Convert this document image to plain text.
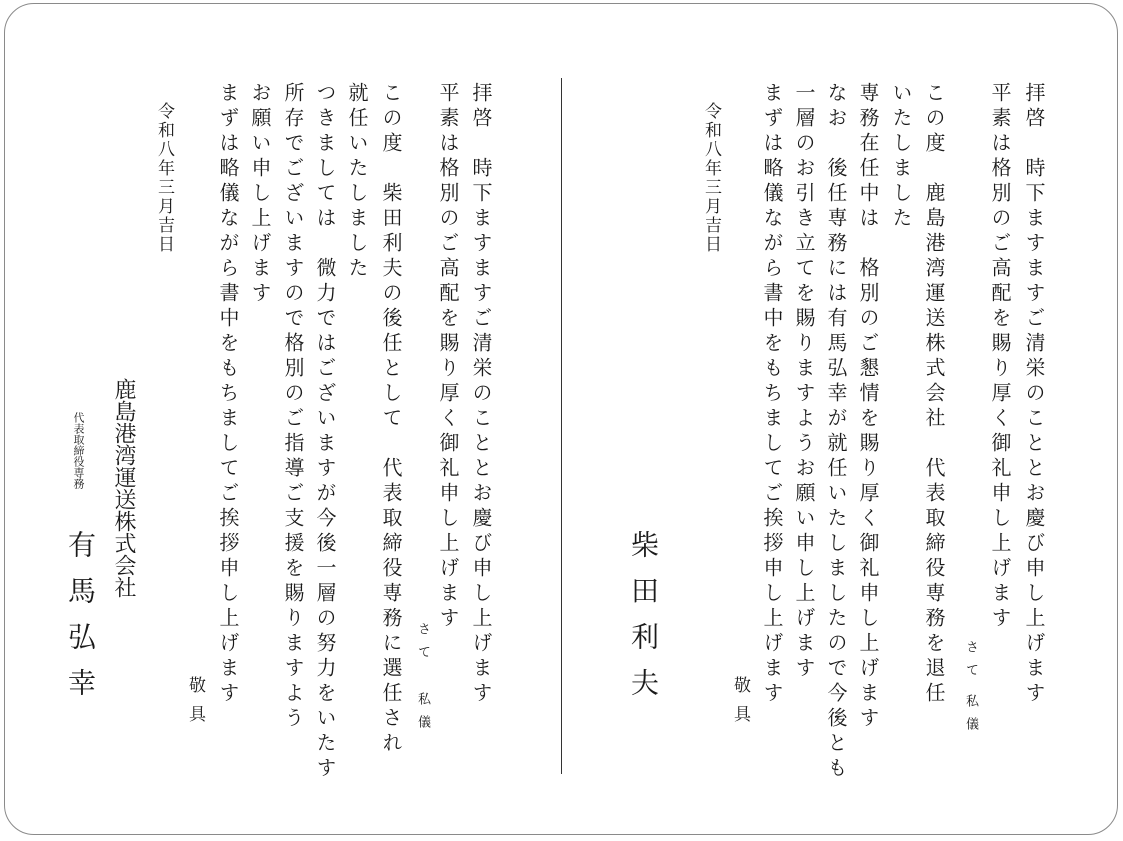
拝啓　時下ますますご清栄のこととお慶び申し上げます
平素は格別のご高配を賜り厚く御礼申し上げます
さて
私儀
この度　鹿島港湾運送株式会社　代表取締役専務を退任
いたしました
専務在任中は　格別のご懇情を賜り厚く御礼申し上げます
なお　後任専務には有馬弘幸が就任いたしましたので今後とも
一層のお引き立てを賜りますようお願い申し上げます
まずは略儀ながら書中をもちましてご挨拶申し上げます
敬具
令和八年三月吉日
柴田利夫
拝啓　時下ますますご清栄のこととお慶び申し上げます
平素は格別のご高配を賜り厚く御礼申し上げます
さて
私儀
この度　柴田利夫の後任として　代表取締役専務に選任され
就任いたしました
つきましては　微力ではございますが今後一層の努力をいたす
所存でございますので格別のご指導ご支援を賜りますよう
お願い申し上げます
まずは略儀ながら書中をもちましてご挨拶申し上げます
敬具
令和八年三月吉日
鹿島港湾運送株式会社
代表取締役専務
有馬弘幸
